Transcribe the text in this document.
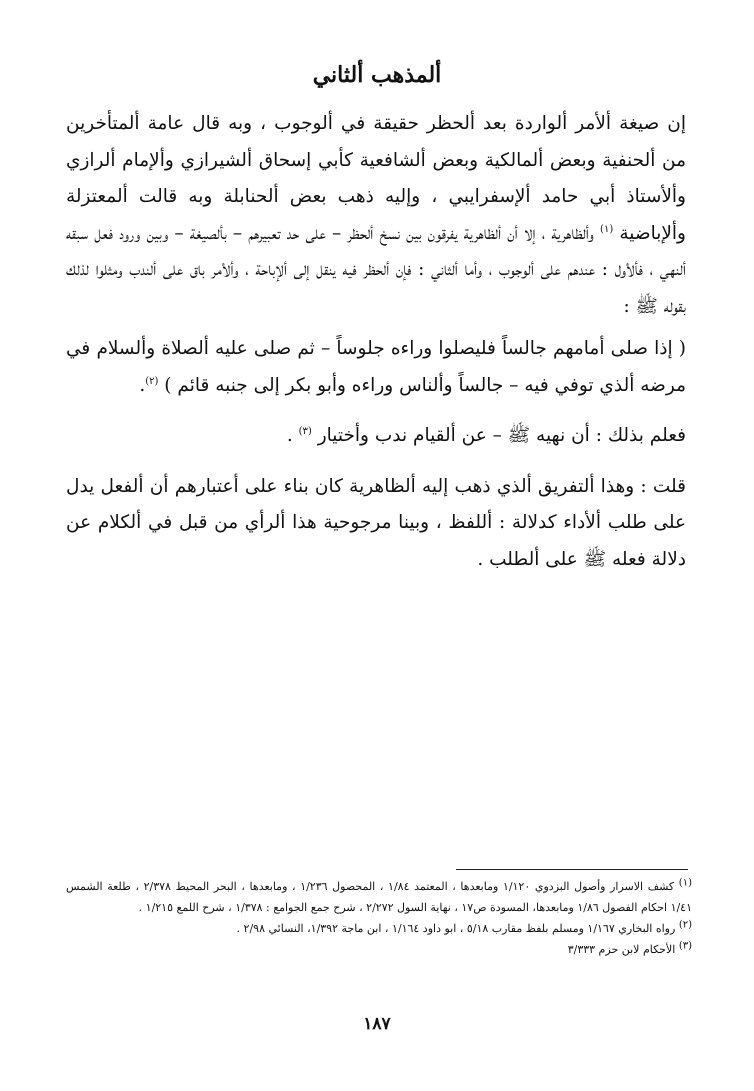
ألمذهب ألثاني

إن صيغة ألأمر ألواردة بعد ألحظر حقيقة في ألوجوب ، وبه قال عامة ألمتأخرين من ألحنفية وبعض ألمالكية وبعض ألشافعية كأبي إسحاق ألشيرازي وألإمام ألرازي وألأستاذ أبي حامد ألإسفرايبي ، وإليه ذهب بعض ألحنابلة وبه قالت ألمعتزلة وألإباضية $^{(١)}$ وألظاهرية ، إلا أن ألظاهرية يفرقون بين نسخ ألحظر – على حد تعبيرهم – بألصيغة – وبين ورود فعل سبقه ألنهي ، فألأول : عندهم على ألوجوب ، وأما ألثاني : فإن ألحظر فيه ينقل إلى ألإباحة ، وألأمر باق على ألندب ومثلوا لذلك بقوله ﷺ :

( إذا صلى أمامهم جالساً فليصلوا وراءه جلوساً – ثم صلى عليه ألصلاة وألسلام في مرضه ألذي توفي فيه – جالساً وألناس وراءه وأبو بكر إلى جنبه قائم ) $^{(٢)}$.

فعلم بذلك : أن نهيه ﷺ – عن ألقيام ندب وأختيار $^{(٣)}$ .

قلت : وهذا ألتفريق ألذي ذهب إليه ألظاهرية كان بناء على أعتبارهم أن ألفعل يدل على طلب ألأداء كدلالة : أللفظ ، وبينا مرجوحية هذا ألرأي من قبل في ألكلام عن دلالة فعله ﷺ على ألطلب .

$^{(١)}$ كشف الاسرار وأصول البزدوي ١/١٢٠ ومابعدها ، المعتمد ١/٨٤ ، المحصول ١/٢٣٦ ، ومابعدها ، البحر المحيط ٢/٣٧٨ ، طلعة الشمس ١/٤١ احكام الفصول ١/٨٦ ومابعدها، المسودة ص١٧ ، نهاية السول ٢/٢٧٢ ، شرح جمع الجوامع : ١/٣٧٨ ، شرح اللمع ١/٢١٥ .

$^{(٢)}$ رواه البخاري ١/١٦٧ ومسلم بلفظ مقارب ٥/١٨ ، ابو داود ١/١٦٤ ، ابن ماجة ١/٣٩٢، النسائي ٢/٩٨ .

$^{(٣)}$ الأحكام لابن حزم ٣/٣٣٣

١٨٧
